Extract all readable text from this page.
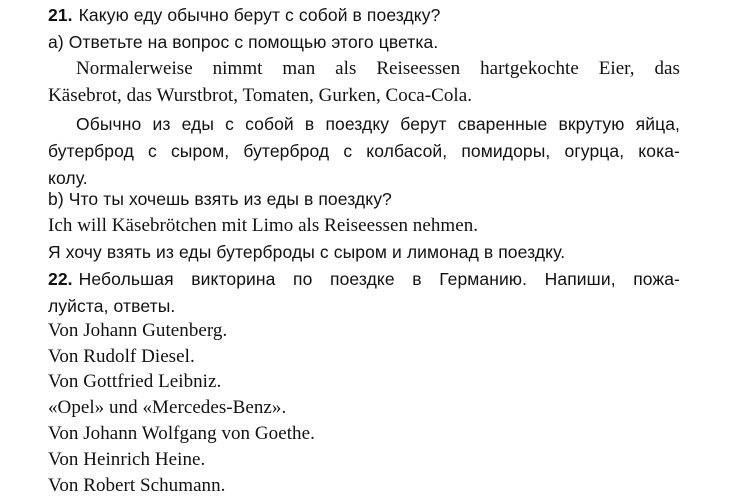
21. Какую еду обычно берут с собой в поездку?
a) Ответьте на вопрос с помощью этого цветка.
Normalerweise nimmt man als Reiseessen hartgekochte Eier, das
Käsebrot, das Wurstbrot, Tomaten, Gurken, Coca-Cola.
Обычно из еды с собой в поездку берут сваренные вкрутую яйца,
бутерброд с сыром, бутерброд с колбасой, помидоры, огурца, кока-
колу.
b) Что ты хочешь взять из еды в поездку?
Ich will Käsebrötchen mit Limo als Reiseessen nehmen.
Я хочу взять из еды бутерброды с сыром и лимонад в поездку.
22. Небольшая викторина по поездке в Германию. Напиши, пожа-
луйста, ответы.
Von Johann Gutenberg.
Von Rudolf Diesel.
Von Gottfried Leibniz.
«Opel» und «Mercedes-Benz».
Von Johann Wolfgang von Goethe.
Von Heinrich Heine.
Von Robert Schumann.
